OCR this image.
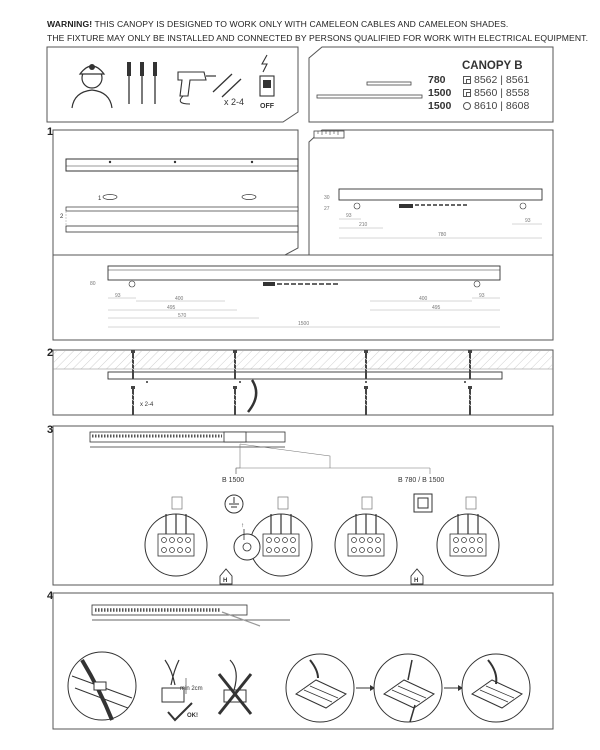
WARNING! THIS CANOPY IS DESIGNED TO WORK ONLY WITH CAMELEON CABLES AND CAMELEON SHADES.
THE FIXTURE MAY ONLY BE INSTALLED AND CONNECTED BY PERSONS QUALIFIED FOR WORK WITH ELECTRICAL EQUIPMENT.
x 2-4 OFF
1
1
2
30
27
93
210
93
780
80
93	400
495
570
400	93
495
1500
2
x 2-4
3
B 1500	B 780 / B 1500
↑
H	H
4
min 2cm
OK!
CANOPY B
780	8562 | 8561
1500	8560 | 8558
1500	8610 | 8608
